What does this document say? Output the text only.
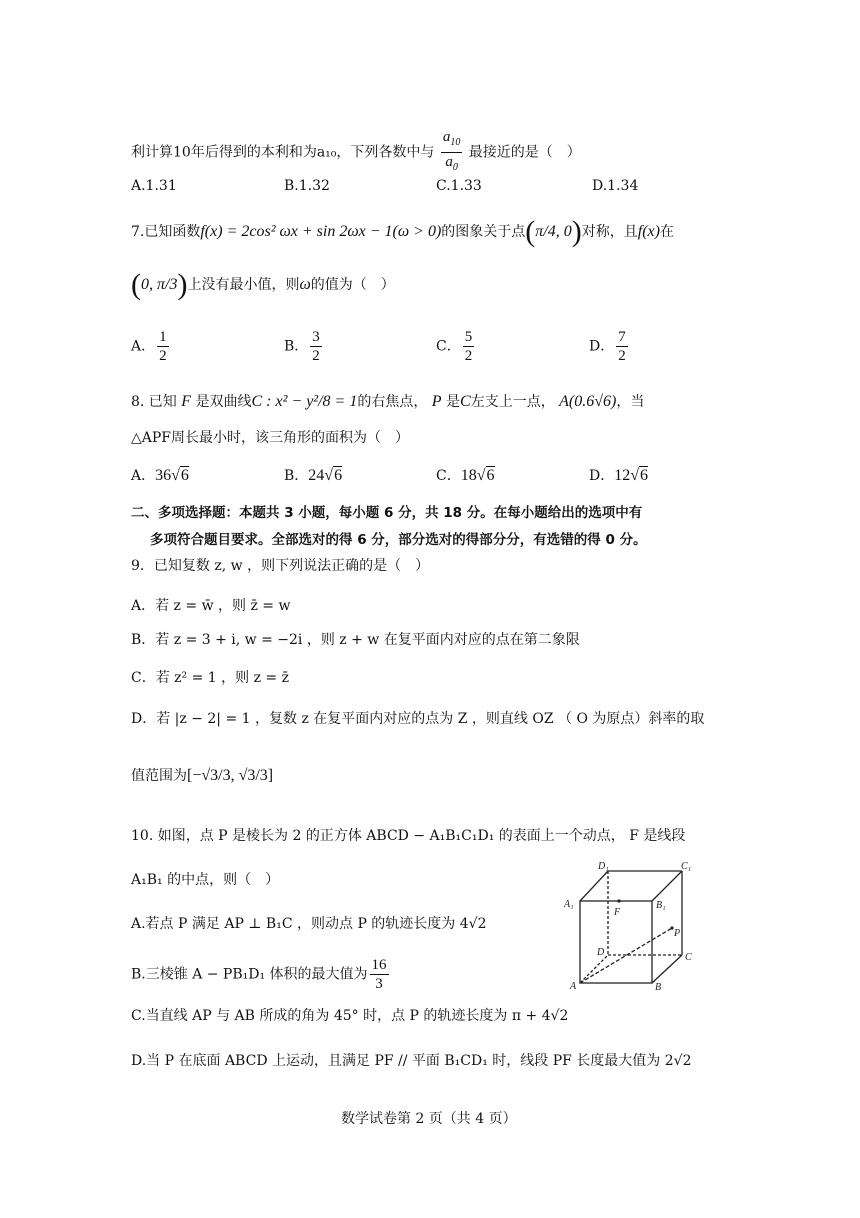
利计算10年后得到的本利和为a₁₀，下列各数中与 $\frac{a_{10}}{a_0}$ 最接近的是（　）
A.1.31	B.1.32	C.1.33	D.1.34
7.已知函数f(x) = 2cos² ωx + sin 2ωx − 1(ω > 0)的图象关于点(π/4, 0)对称，且f(x)在
(0, π/3)上没有最小值，则ω的值为（　）
A． $\frac{1}{2}$	B． $\frac{3}{2}$	C． $\frac{5}{2}$	D． $\frac{7}{2}$
8. 已知 F 是双曲线C : x² − y²/8 = 1的右焦点， P 是C左支上一点， A(0.6√6)，当
△APF周长最小时，该三角形的面积为（　）
A．36√6	B．24√6	C．18√6	D．12√6
二、多项选择题：本题共 3 小题，每小题 6 分，共 18 分。在每小题给出的选项中有
多项符合题目要求。全部选对的得 6 分，部分选对的得部分分，有选错的得 0 分。
9．已知复数 z, w ，则下列说法正确的是（　）
A．若 z = w̄ ，则 z̄ = w
B．若 z = 3 + i, w = −2i ，则 z + w 在复平面内对应的点在第二象限
C．若 z² = 1 ，则 z = z̄
D．若 |z − 2| = 1 ，复数 z 在复平面内对应的点为 Z ，则直线 OZ （ O 为原点）斜率的取
值范围为[−√3/3, √3/3]
10. 如图，点 P 是棱长为 2 的正方体 ABCD − A₁B₁C₁D₁ 的表面上一个动点， F 是线段
A₁B₁ 的中点，则（　）
A.若点 P 满足 AP ⊥ B₁C ，则动点 P 的轨迹长度为 4√2
B.三棱锥 A − PB₁D₁ 体积的最大值为 $\frac{16}{3}$
C.当直线 AP 与 AB 所成的角为 45° 时，点 P 的轨迹长度为 π + 4√2
D.当 P 在底面 ABCD 上运动，且满足 PF // 平面 B₁CD₁ 时，线段 PF 长度最大值为 2√2
D₁	C₁
A₁	B₁
F
P
D	C
A	B
数学试卷第 2 页（共 4 页）
